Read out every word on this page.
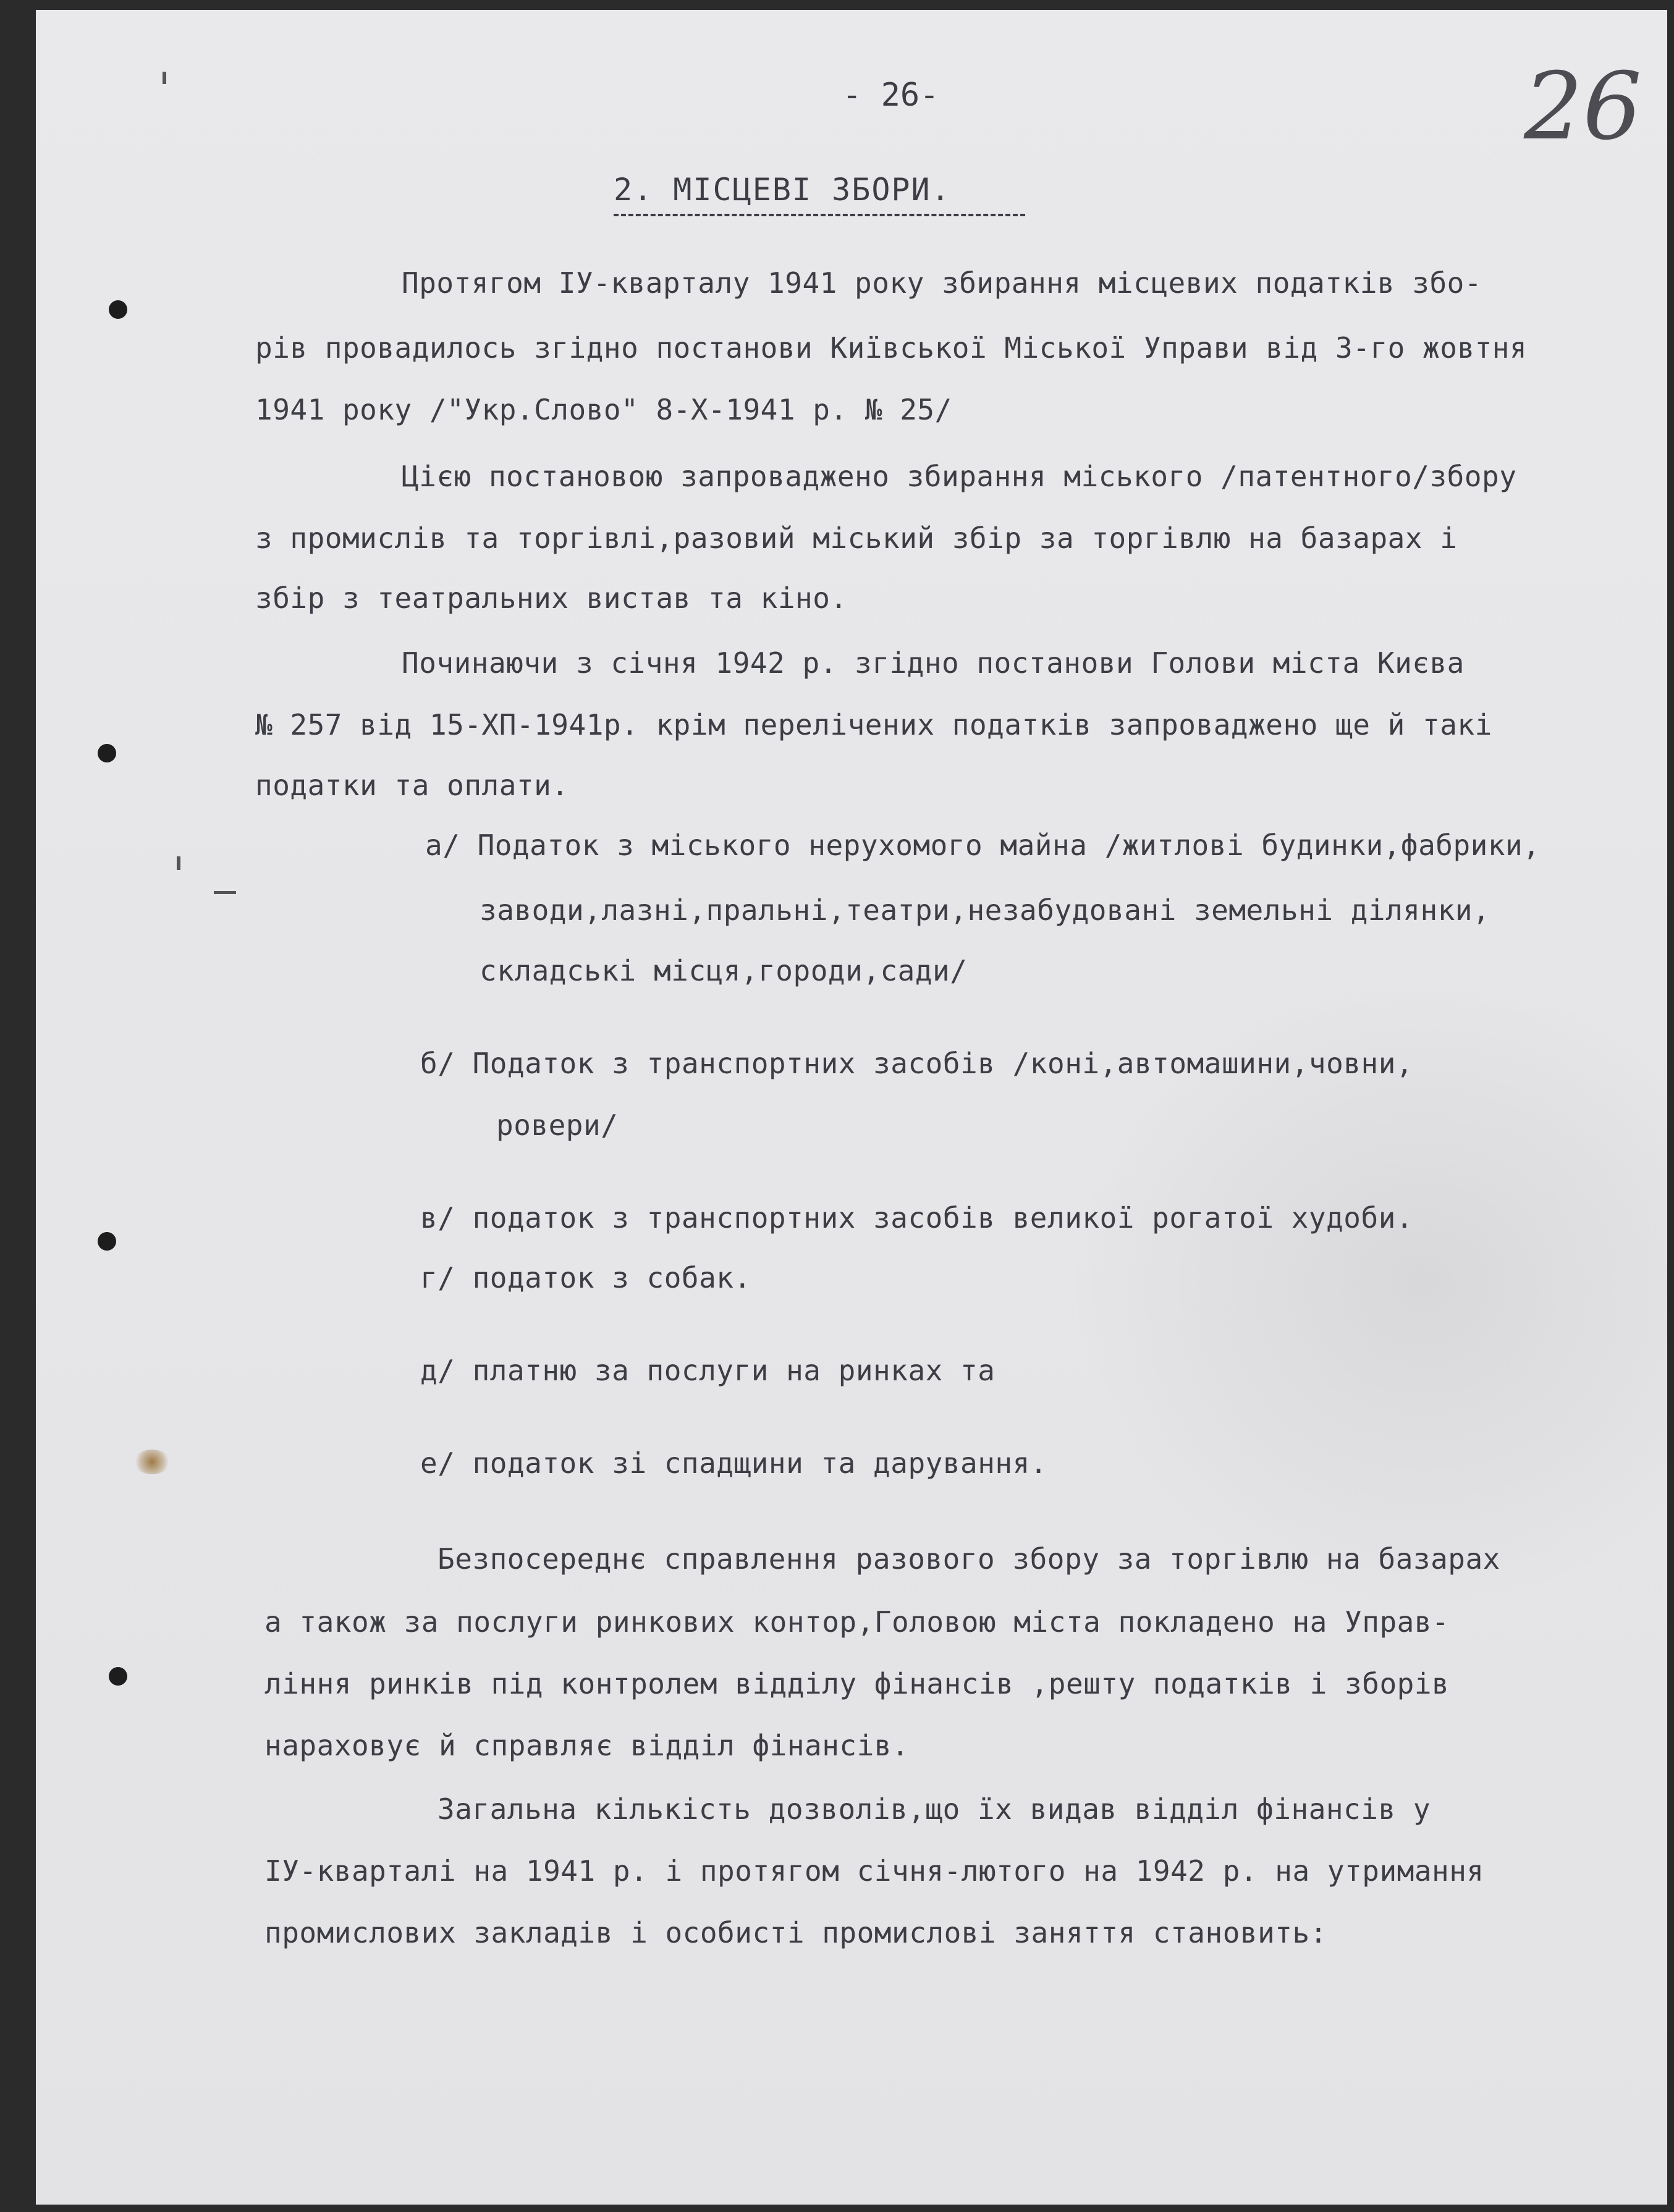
- 26-	26
2. МІСЦЕВІ ЗБОРИ.
Протягом ІУ-кварталу 1941 року збирання місцевих податків збо-
рів провадилось згідно постанови Київської Міської Управи від 3-го жовтня
1941 року /"Укр.Слово" 8-Х-1941 р. № 25/
Цією постановою запроваджено збирання міського /патентного/збору
з промислів та торгівлі,разовий міський збір за торгівлю на базарах і
збір з театральних вистав та кіно.
Починаючи з січня 1942 р. згідно постанови Голови міста Києва
№ 257 від 15-ХП-1941р. крім перелічених податків запроваджено ще й такі
податки та оплати.
а/ Податок з міського нерухомого майна /житлові будинки,фабрики,
заводи,лазні,пральні,театри,незабудовані земельні ділянки,
складські місця,городи,сади/
б/ Податок з транспортних засобів /коні,автомашини,човни,
ровери/
в/ податок з транспортних засобів великої рогатої худоби.
г/ податок з собак.
д/ платню за послуги на ринках та
е/ податок зі спадщини та дарування.
Безпосереднє справлення разового збору за торгівлю на базарах
а також за послуги ринкових контор,Головою міста покладено на Управ-
ління ринків під контролем відділу фінансів ,решту податків і зборів
нараховує й справляє відділ фінансів.
Загальна кількість дозволів,що їх видав відділ фінансів у
ІУ-кварталі на 1941 р. і протягом січня-лютого на 1942 р. на утримання
промислових закладів і особисті промислові заняття становить:
